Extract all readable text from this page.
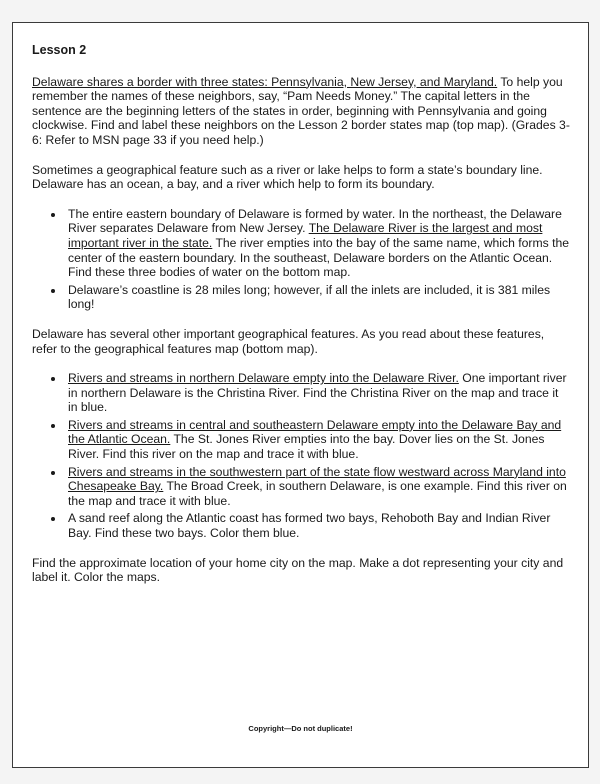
Lesson 2

Delaware shares a border with three states: Pennsylvania, New Jersey, and Maryland. To help you remember the names of these neighbors, say, “Pam Needs Money.” The capital letters in the sentence are the beginning letters of the states in order, beginning with Pennsylvania and going clockwise. Find and label these neighbors on the Lesson 2 border states map (top map). (Grades 3-6: Refer to MSN page 33 if you need help.)

Sometimes a geographical feature such as a river or lake helps to form a state’s boundary line. Delaware has an ocean, a bay, and a river which help to form its boundary.

• The entire eastern boundary of Delaware is formed by water. In the northeast, the Delaware River separates Delaware from New Jersey. The Delaware River is the largest and most important river in the state. The river empties into the bay of the same name, which forms the center of the eastern boundary. In the southeast, Delaware borders on the Atlantic Ocean. Find these three bodies of water on the bottom map.
• Delaware’s coastline is 28 miles long; however, if all the inlets are included, it is 381 miles long!

Delaware has several other important geographical features. As you read about these features, refer to the geographical features map (bottom map).

• Rivers and streams in northern Delaware empty into the Delaware River. One important river in northern Delaware is the Christina River. Find the Christina River on the map and trace it in blue.
• Rivers and streams in central and southeastern Delaware empty into the Delaware Bay and the Atlantic Ocean. The St. Jones River empties into the bay. Dover lies on the St. Jones River. Find this river on the map and trace it with blue.
• Rivers and streams in the southwestern part of the state flow westward across Maryland into Chesapeake Bay. The Broad Creek, in southern Delaware, is one example. Find this river on the map and trace it with blue.
• A sand reef along the Atlantic coast has formed two bays, Rehoboth Bay and Indian River Bay. Find these two bays. Color them blue.

Find the approximate location of your home city on the map. Make a dot representing your city and label it. Color the maps.

Copyright—Do not duplicate!
